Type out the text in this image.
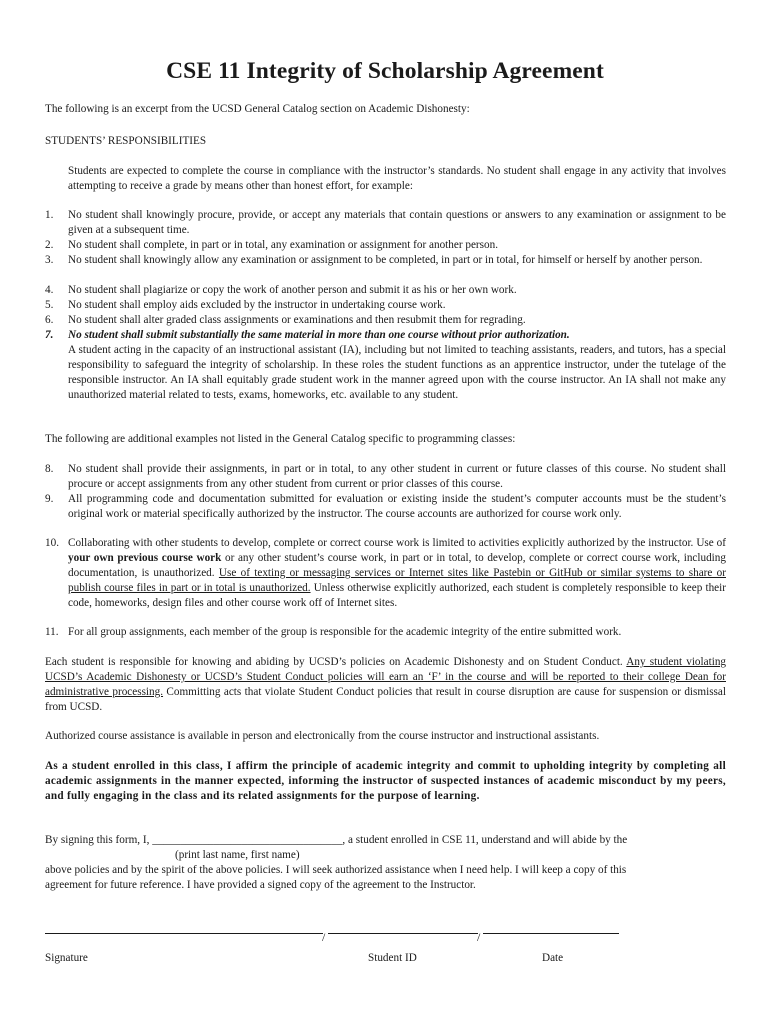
CSE 11 Integrity of Scholarship Agreement

The following is an excerpt from the UCSD General Catalog section on Academic Dishonesty:

STUDENTS’ RESPONSIBILITIES

Students are expected to complete the course in compliance with the instructor’s standards. No student shall engage in any activity that involves attempting to receive a grade by means other than honest effort, for example:

1. No student shall knowingly procure, provide, or accept any materials that contain questions or answers to any examination or assignment to be given at a subsequent time.
2. No student shall complete, in part or in total, any examination or assignment for another person.
3. No student shall knowingly allow any examination or assignment to be completed, in part or in total, for himself or herself by another person.
4. No student shall plagiarize or copy the work of another person and submit it as his or her own work.
5. No student shall employ aids excluded by the instructor in undertaking course work.
6. No student shall alter graded class assignments or examinations and then resubmit them for regrading.
7. No student shall submit substantially the same material in more than one course without prior authorization.

A student acting in the capacity of an instructional assistant (IA), including but not limited to teaching assistants, readers, and tutors, has a special responsibility to safeguard the integrity of scholarship. In these roles the student functions as an apprentice instructor, under the tutelage of the responsible instructor. An IA shall equitably grade student work in the manner agreed upon with the course instructor. An IA shall not make any unauthorized material related to tests, exams, homeworks, etc. available to any student.

The following are additional examples not listed in the General Catalog specific to programming classes:

8. No student shall provide their assignments, in part or in total, to any other student in current or future classes of this course. No student shall procure or accept assignments from any other student from current or prior classes of this course.
9. All programming code and documentation submitted for evaluation or existing inside the student’s computer accounts must be the student’s original work or material specifically authorized by the instructor. The course accounts are authorized for course work only.
10. Collaborating with other students to develop, complete or correct course work is limited to activities explicitly authorized by the instructor. Use of your own previous course work or any other student’s course work, in part or in total, to develop, complete or correct course work, including documentation, is unauthorized. Use of texting or messaging services or Internet sites like Pastebin or GitHub or similar systems to share or publish course files in part or in total is unauthorized. Unless otherwise explicitly authorized, each student is completely responsible to keep their code, homeworks, design files and other course work off of Internet sites.
11. For all group assignments, each member of the group is responsible for the academic integrity of the entire submitted work.

Each student is responsible for knowing and abiding by UCSD’s policies on Academic Dishonesty and on Student Conduct. Any student violating UCSD’s Academic Dishonesty or UCSD’s Student Conduct policies will earn an ‘F’ in the course and will be reported to their college Dean for administrative processing. Committing acts that violate Student Conduct policies that result in course disruption are cause for suspension or dismissal from UCSD.

Authorized course assistance is available in person and electronically from the course instructor and instructional assistants.

As a student enrolled in this class, I affirm the principle of academic integrity and commit to upholding integrity by completing all academic assignments in the manner expected, informing the instructor of suspected instances of academic misconduct by my peers, and fully engaging in the class and its related assignments for the purpose of learning.

By signing this form, I, __________________________________, a student enrolled in CSE 11, understand and will abide by the
(print last name, first name)
above policies and by the spirit of the above policies. I will seek authorized assistance when I need help. I will keep a copy of this
agreement for future reference. I have provided a signed copy of the agreement to the Instructor.
/	/
Signature	Student ID	Date
